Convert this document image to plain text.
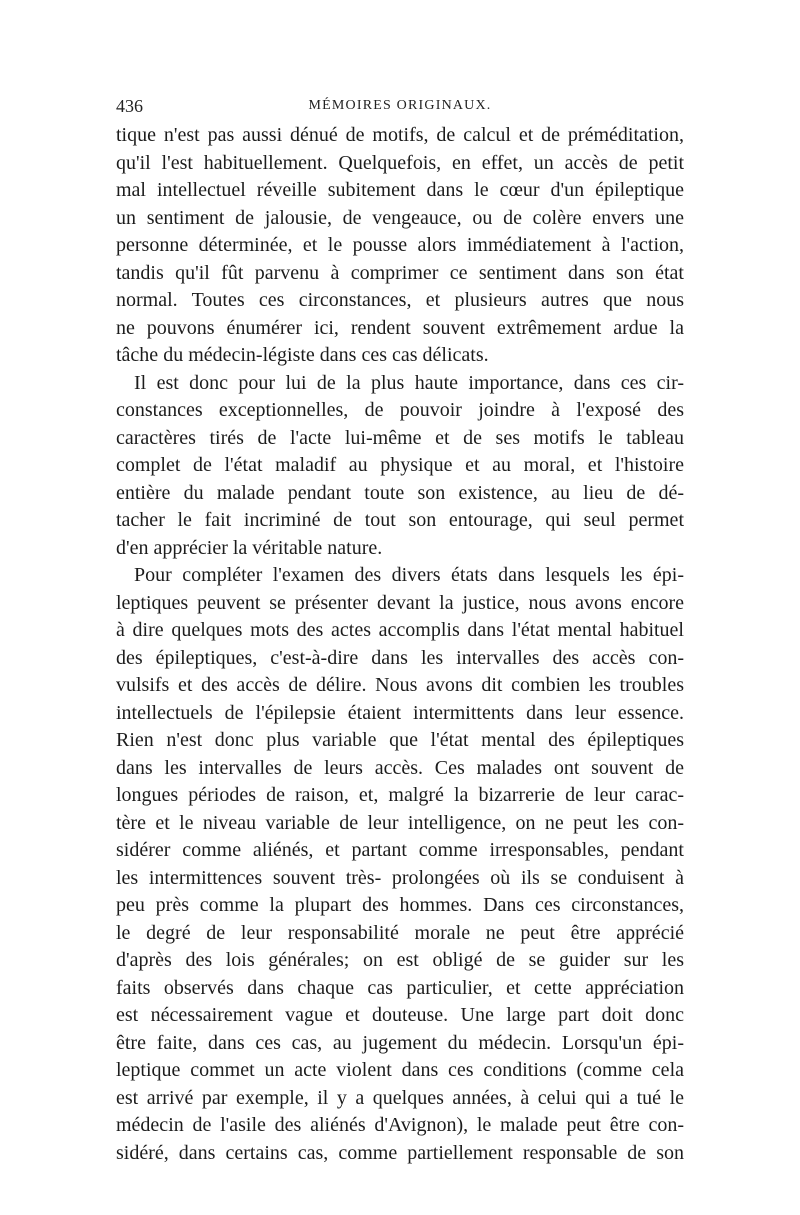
436	MÉMOIRES ORIGINAUX.
tique n'est pas aussi dénué de motifs, de calcul et de préméditation,
qu'il l'est habituellement. Quelquefois, en effet, un accès de petit
mal intellectuel réveille subitement dans le cœur d'un épileptique
un sentiment de jalousie, de vengeauce, ou de colère envers une
personne déterminée, et le pousse alors immédiatement à l'action,
tandis qu'il fût parvenu à comprimer ce sentiment dans son état
normal. Toutes ces circonstances, et plusieurs autres que nous
ne pouvons énumérer ici, rendent souvent extrêmement ardue la
tâche du médecin-légiste dans ces cas délicats.
Il est donc pour lui de la plus haute importance, dans ces cir-
constances exceptionnelles, de pouvoir joindre à l'exposé des
caractères tirés de l'acte lui-même et de ses motifs le tableau
complet de l'état maladif au physique et au moral, et l'histoire
entière du malade pendant toute son existence, au lieu de dé-
tacher le fait incriminé de tout son entourage, qui seul permet
d'en apprécier la véritable nature.
Pour compléter l'examen des divers états dans lesquels les épi-
leptiques peuvent se présenter devant la justice, nous avons encore
à dire quelques mots des actes accomplis dans l'état mental habituel
des épileptiques, c'est-à-dire dans les intervalles des accès con-
vulsifs et des accès de délire. Nous avons dit combien les troubles
intellectuels de l'épilepsie étaient intermittents dans leur essence.
Rien n'est donc plus variable que l'état mental des épileptiques
dans les intervalles de leurs accès. Ces malades ont souvent de
longues périodes de raison, et, malgré la bizarrerie de leur carac-
tère et le niveau variable de leur intelligence, on ne peut les con-
sidérer comme aliénés, et partant comme irresponsables, pendant
les intermittences souvent très- prolongées où ils se conduisent à
peu près comme la plupart des hommes. Dans ces circonstances,
le degré de leur responsabilité morale ne peut être apprécié
d'après des lois générales; on est obligé de se guider sur les
faits observés dans chaque cas particulier, et cette appréciation
est nécessairement vague et douteuse. Une large part doit donc
être faite, dans ces cas, au jugement du médecin. Lorsqu'un épi-
leptique commet un acte violent dans ces conditions (comme cela
est arrivé par exemple, il y a quelques années, à celui qui a tué le
médecin de l'asile des aliénés d'Avignon), le malade peut être con-
sidéré, dans certains cas, comme partiellement responsable de son
